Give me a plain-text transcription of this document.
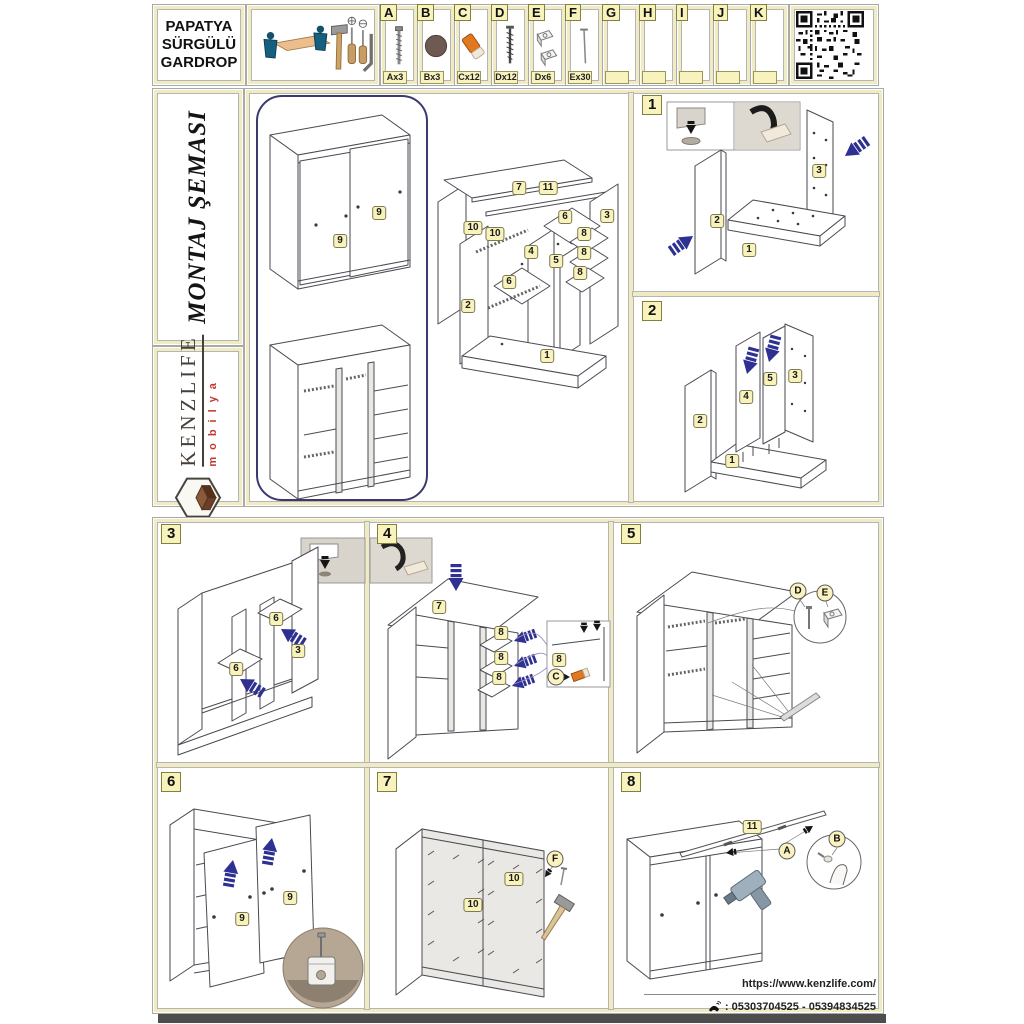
PAPATYA
SÜRGÜLÜ
GARDROP
A
Ax3
B
Bx3
C
Cx12
D
Dx12
E
Dx6
F
Ex30
G	H	I	J	K
MONTAJ ŞEMASI
KENZLIFE mobilya
9
9
7	11
10
10
6	3
8
8
4
5
8
6
2
1
1
3
2
1
2
2
4
5	3
1
3
6
6
3
4
7
8
8
8
8
C
5
D	E
6
9
9
7
10
10
F
8
11
A
B
https://www.kenzlife.com/
: 05303704525 - 05394834525
